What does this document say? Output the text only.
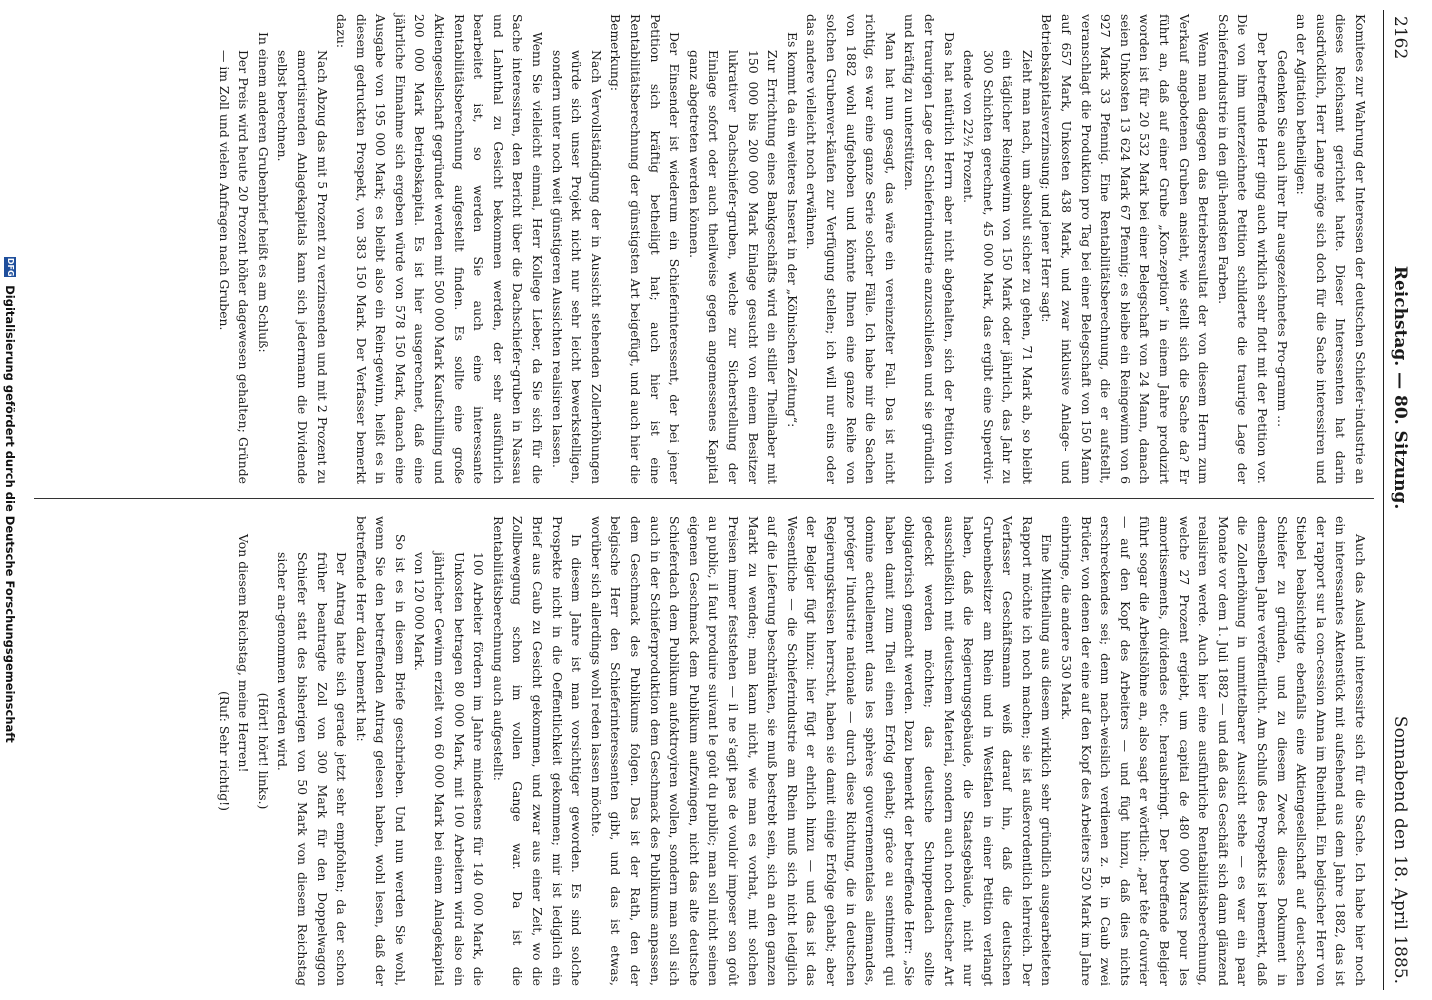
2162
Reichstag. — 80. Sitzung.
Sonnabend den 18. April 1885.

Komitees zur Wahrung der Interessen der deutschen Schiefer-industrie an dieses Reichsamt gerichtet hatte. Dieser Interessenten hat darin ausdrücklich, Herr Lange möge sich doch für die Sache interessiren und an der Agitation betheiligen:

Gedenken Sie auch ihrer Ihr ausgezeichnetes Pro-gramm ...

Der betreffende Herr ging auch wirklich sehr flott mit der Petition vor. Die von ihm unterzeichnete Petition schilderte die traurige Lage der Schieferindustrie in den glü-hendsten Farben.

Wenn man dagegen das Betriebsresultat der von diesem Herrn zum Verkauf angebotenen Gruben ansieht, wie stellt sich die Sache da? Er führt an, daß auf einer Grube „Kon-zeption“ in einem Jahre produzirt worden ist für 20 532 Mark bei einer Belegschaft von 24 Mann, danach seien Unkosten 13 624 Mark 67 Pfennig; es bleibe ein Reingewinn von 6 927 Mark 33 Pfennig. Eine Rentabilitätsberechnung, die er aufstellt, veranschlagt die Produktion pro Tag bei einer Belegschaft von 150 Mann auf 657 Mark, Unkosten 438 Mark, und zwar inklusive Anlage- und Betriebskapitalsverzinsung; und jener Herr sagt:

Zieht man nach, um absolut sicher zu gehen, 71 Mark ab, so bleibt ein täglicher Reingewinn von 150 Mark oder jährlich, das Jahr zu 300 Schichten gerechnet, 45 000 Mark, das ergibt eine Superdivi-dende von 22½ Prozent.

Das hat natürlich Herrn aber nicht abgehalten, sich der Petition von der traurigen Lage der Schieferindustrie anzuschließen und sie gründlich und kräftig zu unterstützen.

Man hat nun gesagt, das wäre ein vereinzelter Fall. Das ist nicht richtig, es war eine ganze Serie solcher Fälle. Ich habe mir die Sachen von 1882 wohl aufgehoben und könnte Ihnen eine ganze Reihe von solchen Grubenver-käufen zur Verfügung stellen; ich will nur eins oder das andere vielleicht noch erwähnen.

Es kommt da ein weiteres Inserat in der „Kölnischen Zeitung“:

Zur Errichtung eines Bankgeschäfts wird ein stiller Theilhaber mit 150 000 bis 200 000 Mark Einlage gesucht von einem Besitzer lukrativer Dachschiefer-gruben, welche zur Sicherstellung der Einlage sofort oder auch theilweise gegen angemessenes Kapital ganz abgetreten werden können.

Der Einsender ist wiederum ein Schieferinteressent, der bei jener Petition sich kräftig betheiligt hat; auch hier ist eine Rentabilitätsberechnung der günstigsten Art beigefügt, und auch hier die Bemerkung:

Nach Vervollständigung der in Aussicht stehenden Zollerhöhungen würde sich unser Projekt nicht nur sehr leicht bewerkstelligen, sondern unter noch weit günstigeren Aussichten realisiren lassen.

Wenn Sie vielleicht einmal, Herr Kollege Lieber, da Sie sich für die Sache interessiren, den Bericht über die Dachschiefer-gruben in Nassau und Lahnthal zu Gesicht bekommen werden, der sehr ausführlich bearbeitet ist, so werden Sie auch eine interessante Rentabilitätsberechnung aufgestellt finden. Es sollte eine große Aktiengesellschaft gegründet werden mit 500 000 Mark Kaufschilling und 200 000 Mark Betriebskapital. Es ist hier ausgerechnet, daß eine jährliche Einnahme sich ergeben würde von 578 150 Mark, danach eine Ausgabe von 195 000 Mark; es bleibt also ein Rein-gewinn, heißt es in diesem gedruckten Prospekt, von 383 150 Mark. Der Verfasser bemerkt dazu:

Nach Abzug das mit 5 Prozent zu verzinsenden und mit 2 Prozent zu amortisirenden Anlagekapitals kann sich jedermann die Dividende selbst berechnen.

In einem anderen Grubenbrief heißt es am Schluß:

Der Preis wird heute 20 Prozent höher dagewesen gehalten; Gründe — im Zoll und vielen Anfragen nach Gruben.

Auch das Ausland interessirte sich für die Sache. Ich habe hier noch ein interessantes Aktenstück mit aufsehend aus dem Jahre 1882, das ist der rapport sur la con-cession Anna im Rheinthal. Ein belgischer Herr von Stiebel beabsichtigte ebenfalls eine Aktiengesellschaft auf deut-schen Schiefer zu gründen, und zu diesem Zweck dieses Dokument in demselben Jahre veröffentlicht. Am Schluß des Prospekts ist bemerkt, daß die Zollerhöhung in unmittelbarer Aussicht stehe — es war ein paar Monate vor dem 1. Juli 1882 — und daß das Geschäft sich dann glänzend realisiren werde. Auch hier eine ausführliche Rentabilitätsberechnung, welche 27 Prozent ergiebt, um capital de 480 000 Marcs pour les amortissements, dividendes etc. herausbringt. Der betreffende Belgier führt sogar die Arbeitslöhne an, also sagt er wörtlich: „par tête d'ouvrier — auf den Kopf des Arbeiters — und fügt hinzu, daß dies nichts erschreckendes sei; denn nach-weislich verdienen z. B. in Caub zwei Brüder, von denen der eine auf den Kopf des Arbeiters 520 Mark im Jahre einbringe, die andere 530 Mark.

Eine Mittheilung aus diesem wirklich sehr gründlich ausgearbeiteten Rapport möchte ich noch machen; sie ist außerordentlich lehrreich. Der Verfasser Geschäftsmann weiß darauf hin, daß die deutschen Grubenbesitzer am Rhein und in Westfalen in einer Petition verlangt haben, daß die Regierungsgebäude, die Staatsgebäude, nicht nur ausschließlich mit deutschem Material, sondern auch noch deutscher Art gedeckt werden möchten; das deutsche Schuppendach sollte obligatorisch gemacht werden. Dazu bemerkt der betreffende Herr: „Sie haben damit zum Theil einen Erfolg gehabt; grâce au sentiment qui domine actuellement dans les sphères gouvernementales allemandes, protéger l'industrie nationale — durch diese Richtung, die in deutschen Regierungskreisen herrscht, haben sie damit einige Erfolge gehabt; aber der Belgier fügt hinzu: hier fügt er ehrlich hinzu — und das ist das Wesentliche — die Schieferindustrie am Rhein muß sich nicht lediglich auf die Lieferung beschränken, sie muß bestrebt sein, sich an den ganzen Markt zu wenden; man kann nicht, wie man es vorhat, mit solchen Preisen immer feststehen — il ne s'agit pas de vouloir imposer son goût au public, il faut produire suivant le goût du public; man soll nicht seinen eigenen Geschmack dem Publikum aufzwingen, nicht das alte deutsche Schieferdach dem Publikum aufoktroyiren wollen, sondern man soll sich auch in der Schieferproduktion dem Geschmack des Publikums anpassen, dem Geschmack des Publikums folgen. Das ist der Rath, den der belgische Herr den Schieferinteressenten gibt, und das ist etwas, worüber sich allerdings wohl reden lassen möchte.

In diesem Jahre ist man vorsichtiger geworden. Es sind solche Prospekte nicht in die Oeffentlichkeit gekommen; mir ist lediglich ein Brief aus Caub zu Gesicht gekommen, und zwar aus einer Zeit, wo die Zollbewegung schon im vollen Gange war. Da ist die Rentabilitätsberechnung auch aufgestellt:

100 Arbeiter fördern im Jahre mindestens für 140 000 Mark, die Unkosten betragen 80 000 Mark, mit 100 Arbeitern wird also ein jährlicher Gewinn erzielt von 60 000 Mark bei einem Anlagekapital von 120 000 Mark.

So ist es in diesem Briefe geschrieben. Und nun werden Sie wohl, wenn Sie den betreffenden Antrag gelesen haben, wohl lesen, daß der betreffende Herr dazu bemerkt hat:

Der Antrag hatte sich gerade jetzt sehr empfohlen; da der schon früher beantragte Zoll von 300 Mark für den Doppelwaggon Schiefer statt des bisherigen von 50 Mark von diesem Reichstag sicher an-genommen werden wird.

(Hört! hört! links.)

Von diesem Reichstag, meine Herren!

(Ruf: Sehr richtig!)

DFG
Digitalisierung gefördert durch die Deutsche Forschungsgemeinschaft
